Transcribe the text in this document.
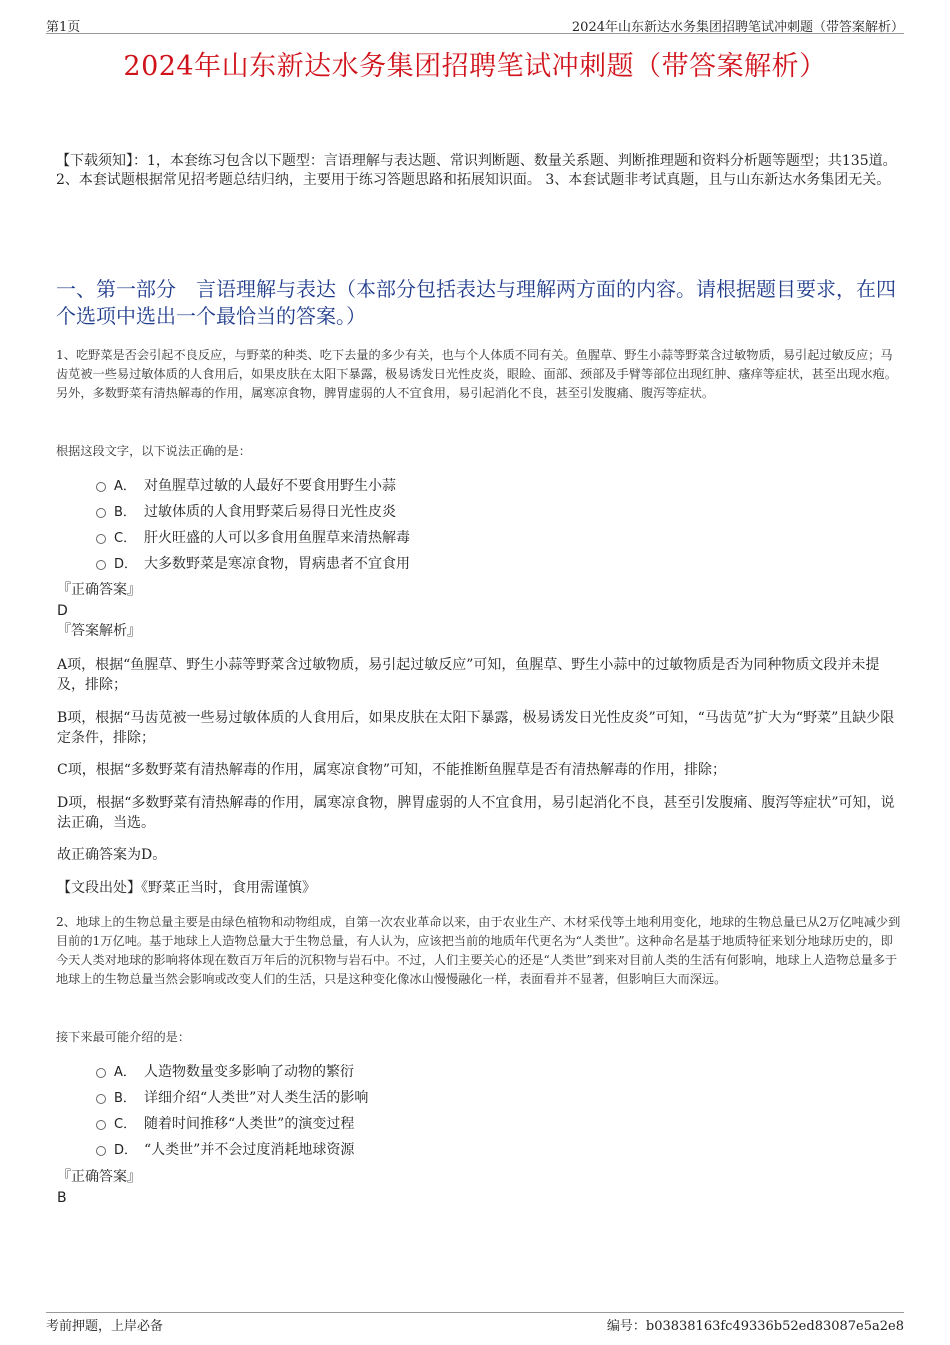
第1页	2024年山东新达水务集团招聘笔试冲刺题（带答案解析）
2024年山东新达水务集团招聘笔试冲刺题（带答案解析）
【下载须知】：1，本套练习包含以下题型：言语理解与表达题、常识判断题、数量关系题、判断推理题和资料分析题等题型；共135道。 2、本套试题根据常见招考题总结归纳，主要用于练习答题思路和拓展知识面。 3、本套试题非考试真题，且与山东新达水务集团无关。
一、第一部分　言语理解与表达（本部分包括表达与理解两方面的内容。请根据题目要求，在四个选项中选出一个最恰当的答案。）
1、吃野菜是否会引起不良反应，与野菜的种类、吃下去量的多少有关，也与个人体质不同有关。鱼腥草、野生小蒜等野菜含过敏物质，易引起过敏反应；马齿苋被一些易过敏体质的人食用后，如果皮肤在太阳下暴露，极易诱发日光性皮炎，眼睑、面部、颈部及手臂等部位出现红肿、瘙痒等症状，甚至出现水疱。另外，多数野菜有清热解毒的作用，属寒凉食物，脾胃虚弱的人不宜食用，易引起消化不良，甚至引发腹痛、腹泻等症状。
根据这段文字，以下说法正确的是：
A． 对鱼腥草过敏的人最好不要食用野生小蒜
B． 过敏体质的人食用野菜后易得日光性皮炎
C． 肝火旺盛的人可以多食用鱼腥草来清热解毒
D． 大多数野菜是寒凉食物，胃病患者不宜食用
『正确答案』
D
『答案解析』
A项，根据“鱼腥草、野生小蒜等野菜含过敏物质，易引起过敏反应”可知，鱼腥草、野生小蒜中的过敏物质是否为同种物质文段并未提及，排除；
B项，根据“马齿苋被一些易过敏体质的人食用后，如果皮肤在太阳下暴露，极易诱发日光性皮炎”可知，“马齿苋”扩大为“野菜”且缺少限定条件，排除；
C项，根据“多数野菜有清热解毒的作用，属寒凉食物”可知，不能推断鱼腥草是否有清热解毒的作用，排除；
D项，根据“多数野菜有清热解毒的作用，属寒凉食物，脾胃虚弱的人不宜食用，易引起消化不良，甚至引发腹痛、腹泻等症状”可知，说法正确，当选。
故正确答案为D。
【文段出处】《野菜正当时，食用需谨慎》
2、地球上的生物总量主要是由绿色植物和动物组成，自第一次农业革命以来，由于农业生产、木材采伐等土地利用变化，地球的生物总量已从2万亿吨减少到目前的1万亿吨。基于地球上人造物总量大于生物总量，有人认为，应该把当前的地质年代更名为“人类世”。这种命名是基于地质特征来划分地球历史的，即今天人类对地球的影响将体现在数百万年后的沉积物与岩石中。不过，人们主要关心的还是“人类世”到来对目前人类的生活有何影响，地球上人造物总量多于地球上的生物总量当然会影响或改变人们的生活，只是这种变化像冰山慢慢融化一样，表面看并不显著，但影响巨大而深远。
接下来最可能介绍的是：
A． 人造物数量变多影响了动物的繁衍
B． 详细介绍“人类世”对人类生活的影响
C． 随着时间推移“人类世”的演变过程
D． “人类世”并不会过度消耗地球资源
『正确答案』
B
考前押题，上岸必备	编号：b03838163fc49336b52ed83087e5a2e8
